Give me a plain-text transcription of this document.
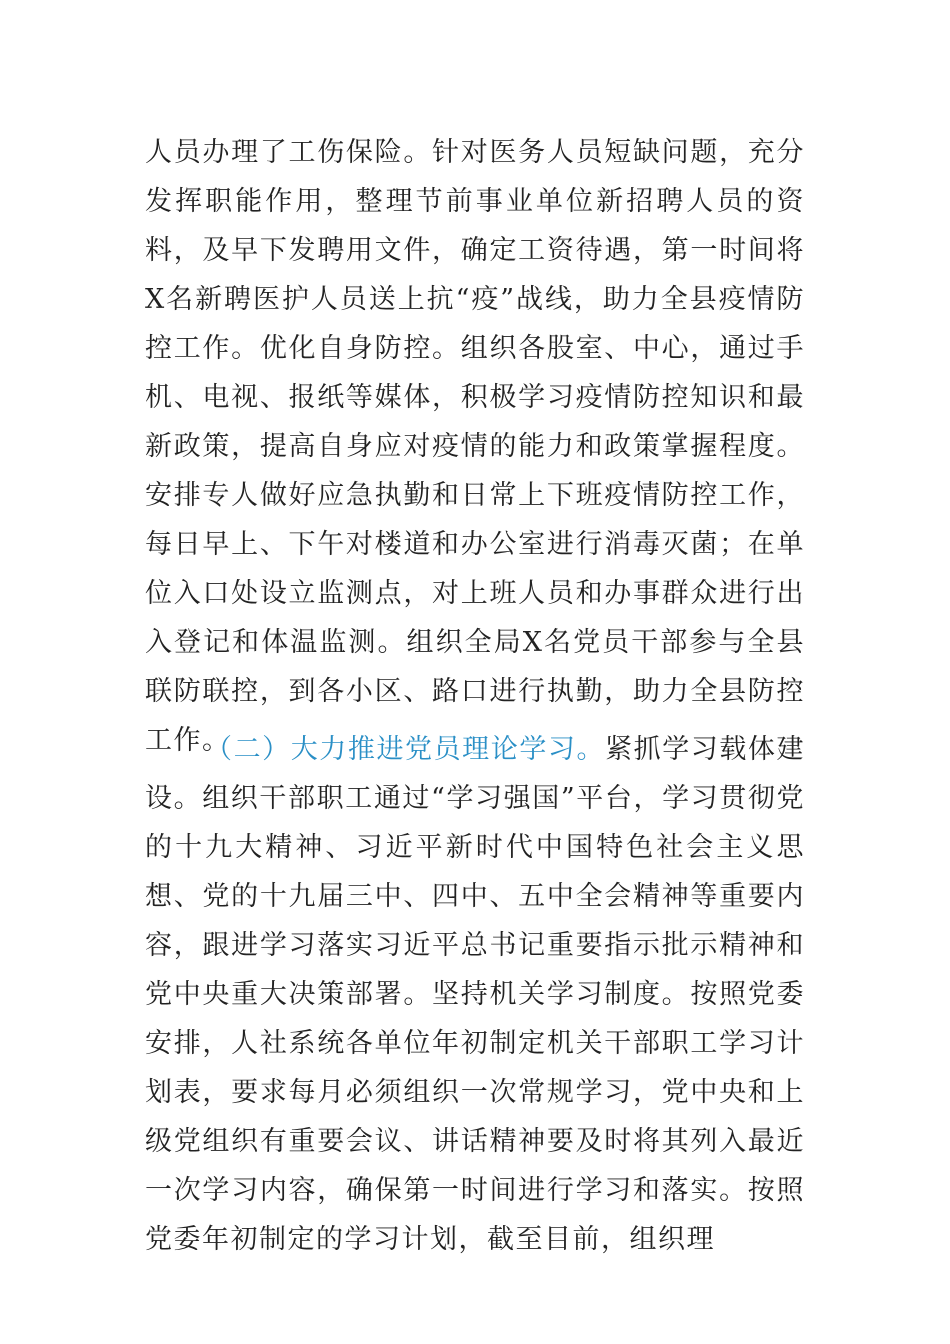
人员办理了工伤保险。针对医务人员短缺问题，充分发挥职能作用，整理节前事业单位新招聘人员的资料，及早下发聘用文件，确定工资待遇，第一时间将X名新聘医护人员送上抗“疫”战线，助力全县疫情防控工作。优化自身防控。组织各股室、中心，通过手机、电视、报纸等媒体，积极学习疫情防控知识和最新政策，提高自身应对疫情的能力和政策掌握程度。安排专人做好应急执勤和日常上下班疫情防控工作，每日早上、下午对楼道和办公室进行消毒灭菌；在单位入口处设立监测点，对上班人员和办事群众进行出入登记和体温监测。组织全局X名党员干部参与全县联防联控，到各小区、路口进行执勤，助力全县防控工作。

（二）大力推进党员理论学习。紧抓学习载体建设。组织干部职工通过“学习强国”平台，学习贯彻党的十九大精神、习近平新时代中国特色社会主义思想、党的十九届三中、四中、五中全会精神等重要内容，跟进学习落实习近平总书记重要指示批示精神和党中央重大决策部署。坚持机关学习制度。按照党委安排，人社系统各单位年初制定机关干部职工学习计划表，要求每月必须组织一次常规学习，党中央和上级党组织有重要会议、讲话精神要及时将其列入最近一次学习内容，确保第一时间进行学习和落实。按照党委年初制定的学习计划，截至目前，组织理
